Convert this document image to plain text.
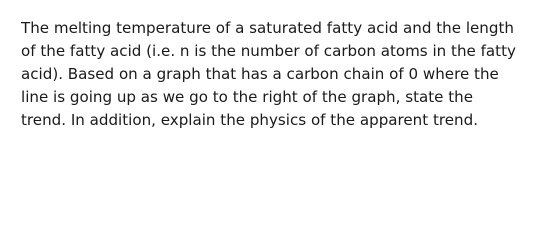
The melting temperature of a saturated fatty acid and the length
of the fatty acid (i.e. n is the number of carbon atoms in the fatty
acid). Based on a graph that has a carbon chain of 0 where the
line is going up as we go to the right of the graph, state the
trend. In addition, explain the physics of the apparent trend.
